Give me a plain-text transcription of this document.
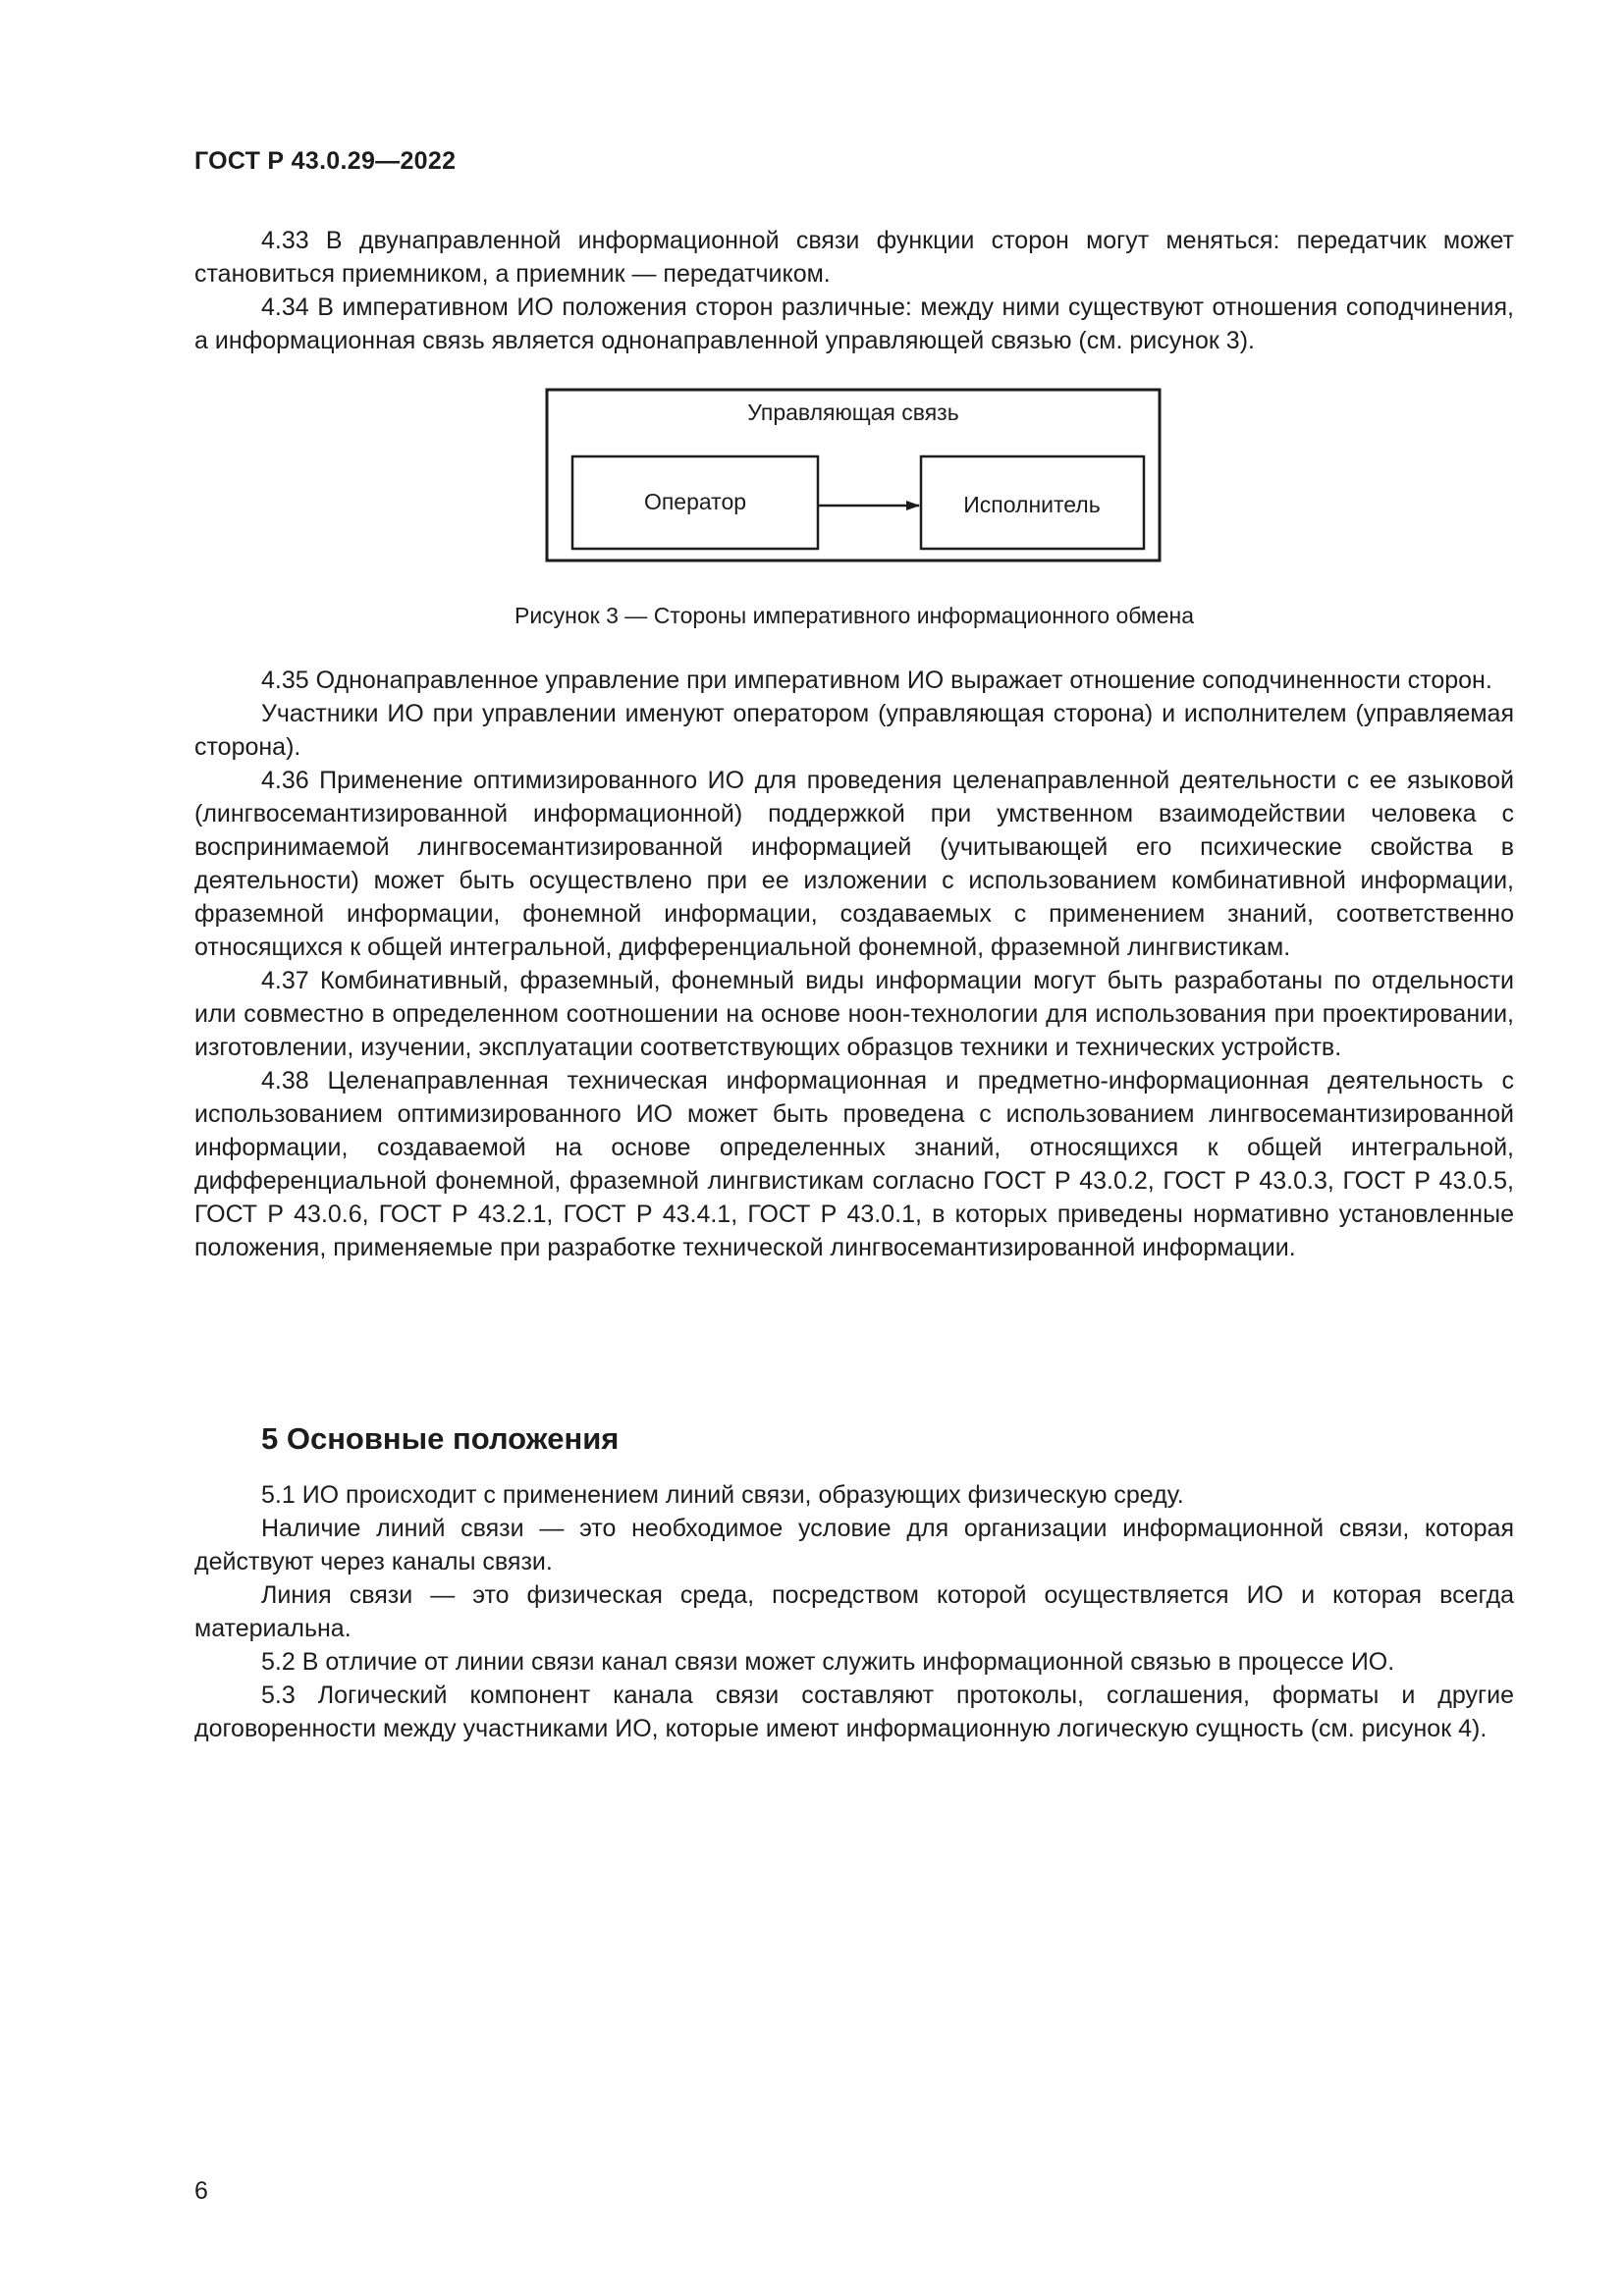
ГОСТ Р 43.0.29—2022

4.33 В двунаправленной информационной связи функции сторон могут меняться: передатчик может становиться приемником, а приемник — передатчиком.

4.34 В императивном ИО положения сторон различные: между ними существуют отношения соподчинения, а информационная связь является однонаправленной управляющей связью (см. рисунок 3).

Управляющая связь
Оператор	Исполнитель
Рисунок 3 — Стороны императивного информационного обмена

4.35 Однонаправленное управление при императивном ИО выражает отношение соподчиненности сторон.

Участники ИО при управлении именуют оператором (управляющая сторона) и исполнителем (управляемая сторона).

4.36 Применение оптимизированного ИО для проведения целенаправленной деятельности с ее языковой (лингвосемантизированной информационной) поддержкой при умственном взаимодействии человека с воспринимаемой лингвосемантизированной информацией (учитывающей его психические свойства в деятельности) может быть осуществлено при ее изложении с использованием комбинативной информации, фраземной информации, фонемной информации, создаваемых с применением знаний, соответственно относящихся к общей интегральной, дифференциальной фонемной, фраземной лингвистикам.

4.37 Комбинативный, фраземный, фонемный виды информации могут быть разработаны по отдельности или совместно в определенном соотношении на основе ноон-технологии для использования при проектировании, изготовлении, изучении, эксплуатации соответствующих образцов техники и технических устройств.

4.38 Целенаправленная техническая информационная и предметно-информационная деятельность с использованием оптимизированного ИО может быть проведена с использованием лингвосемантизированной информации, создаваемой на основе определенных знаний, относящихся к общей интегральной, дифференциальной фонемной, фраземной лингвистикам согласно ГОСТ Р 43.0.2, ГОСТ Р 43.0.3, ГОСТ Р 43.0.5, ГОСТ Р 43.0.6, ГОСТ Р 43.2.1, ГОСТ Р 43.4.1, ГОСТ Р 43.0.1, в которых приведены нормативно установленные положения, применяемые при разработке технической лингвосемантизированной информации.

5 Основные положения

5.1 ИО происходит с применением линий связи, образующих физическую среду.

Наличие линий связи — это необходимое условие для организации информационной связи, которая действуют через каналы связи.

Линия связи — это физическая среда, посредством которой осуществляется ИО и которая всегда материальна.

5.2 В отличие от линии связи канал связи может служить информационной связью в процессе ИО.

5.3 Логический компонент канала связи составляют протоколы, соглашения, форматы и другие договоренности между участниками ИО, которые имеют информационную логическую сущность (см. рисунок 4).

6
